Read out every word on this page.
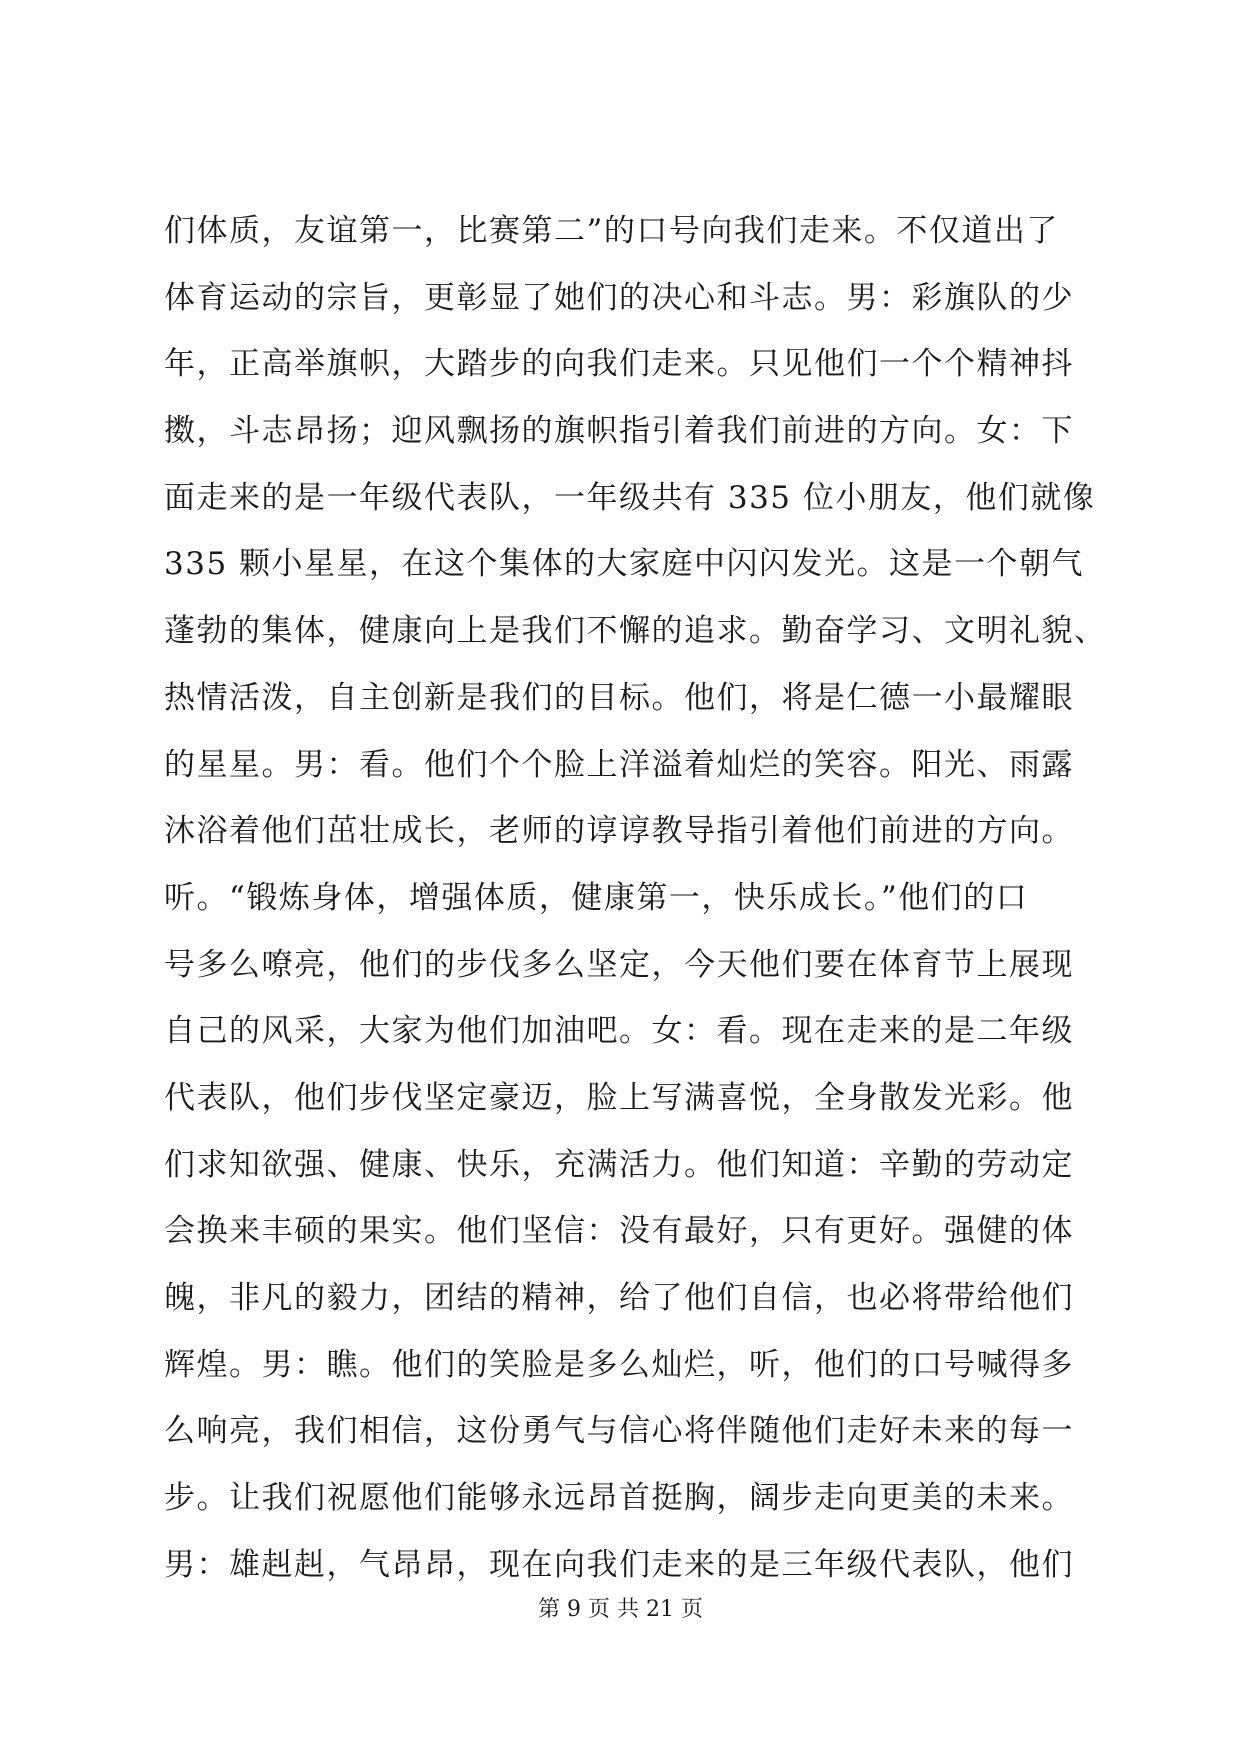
们体质，友谊第一，比赛第二”的口号向我们走来。不仅道出了
体育运动的宗旨，更彰显了她们的决心和斗志。男：彩旗队的少
年，正高举旗帜，大踏步的向我们走来。只见他们一个个精神抖
擞，斗志昂扬；迎风飘扬的旗帜指引着我们前进的方向。女：下
面走来的是一年级代表队，一年级共有 335 位小朋友，他们就像
335 颗小星星，在这个集体的大家庭中闪闪发光。这是一个朝气
蓬勃的集体，健康向上是我们不懈的追求。勤奋学习、文明礼貌、
热情活泼，自主创新是我们的目标。他们，将是仁德一小最耀眼
的星星。男：看。他们个个脸上洋溢着灿烂的笑容。阳光、雨露
沐浴着他们茁壮成长，老师的谆谆教导指引着他们前进的方向。
听。“锻炼身体，增强体质，健康第一，快乐成长。”他们的口
号多么嘹亮，他们的步伐多么坚定，今天他们要在体育节上展现
自己的风采，大家为他们加油吧。女：看。现在走来的是二年级
代表队，他们步伐坚定豪迈，脸上写满喜悦，全身散发光彩。他
们求知欲强、健康、快乐，充满活力。他们知道：辛勤的劳动定
会换来丰硕的果实。他们坚信：没有最好，只有更好。强健的体
魄，非凡的毅力，团结的精神，给了他们自信，也必将带给他们
辉煌。男：瞧。他们的笑脸是多么灿烂，听，他们的口号喊得多
么响亮，我们相信，这份勇气与信心将伴随他们走好未来的每一
步。让我们祝愿他们能够永远昂首挺胸，阔步走向更美的未来。
男：雄赳赳，气昂昂，现在向我们走来的是三年级代表队，他们
第 9 页 共 21 页
